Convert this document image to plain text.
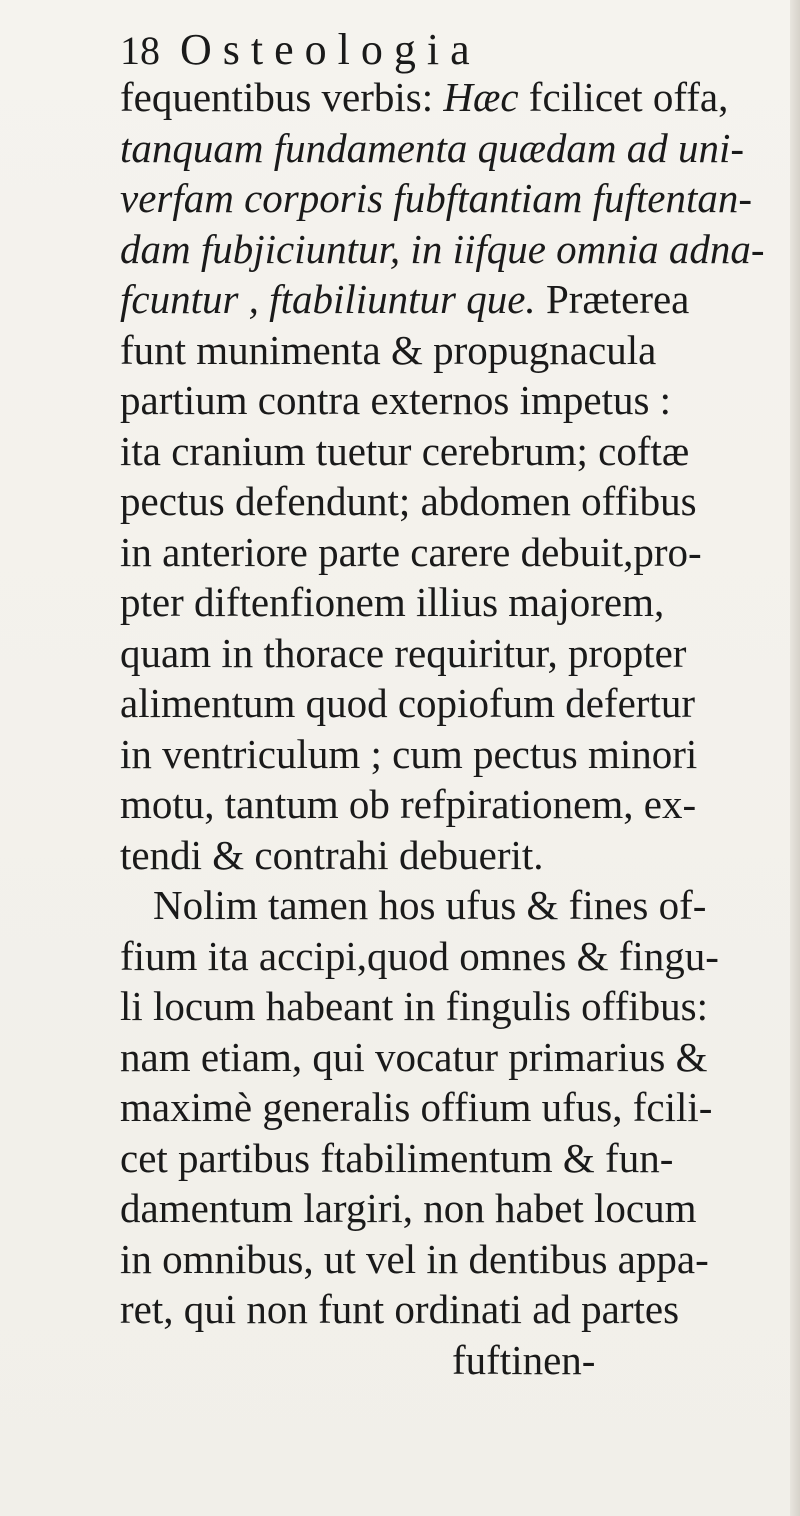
18 Osteologia
fequentibus verbis: Hæc fcilicet offa,
tanquam fundamenta quædam ad uni-
verfam corporis fubftantiam fuftentan-
dam fubjiciuntur, in iifque omnia adna-
fcuntur , ftabiliuntur que. Præterea
funt munimenta & propugnacula
partium contra externos impetus :
ita cranium tuetur cerebrum; coftæ
pectus defendunt; abdomen offibus
in anteriore parte carere debuit,pro-
pter diftenfionem illius majorem,
quam in thorace requiritur, propter
alimentum quod copiofum defertur
in ventriculum ; cum pectus minori
motu, tantum ob refpirationem, ex-
tendi & contrahi debuerit.
Nolim tamen hos ufus & fines of-
fium ita accipi,quod omnes & fingu-
li locum habeant in fingulis offibus:
nam etiam, qui vocatur primarius &
maximè generalis offium ufus, fcili-
cet partibus ftabilimentum & fun-
damentum largiri, non habet locum
in omnibus, ut vel in dentibus appa-
ret, qui non funt ordinati ad partes
fuftinen-
